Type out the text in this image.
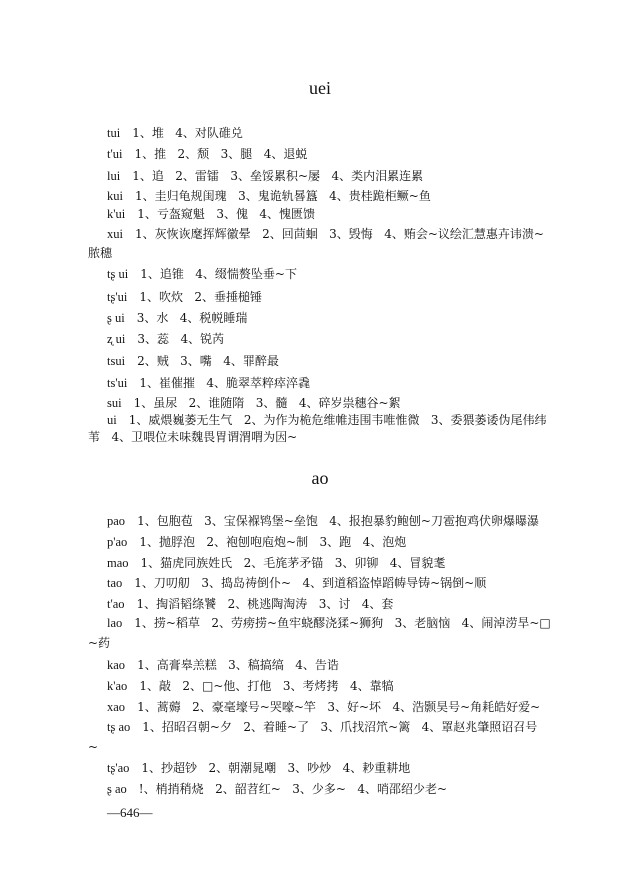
uei
tui 1、堆   4、对队碓兑
t'ui 1、推   2、颓   3、腿   4、退蜕
lui 1、追   2、雷镭   3、垒馁累积~屡   4、类内泪累连累
kui 1、圭归龟规闺瑰   3、鬼诡轨晷簋   4、贵桂跪柜鳜~鱼
k'ui 1、亏盔窥魁   3、傀   4、愧匮馈
xui 1、灰恢诙麾挥辉徽晕   2、回茴蛔   3、毁悔   4、贿会~议绘汇慧惠卉讳溃~
脓穗
tʂ ui 1、追锥   4、缀惴赘坠垂~下
tʂ'ui 1、吹炊   2、垂捶槌锤
ʂ ui 3、水   4、税帨睡瑞
ʐ ui 3、蕊   4、锐芮
tsui 2、贼   3、嘴   4、罪醉最
ts'ui 1、崔催摧   4、脆翠萃粹瘁淬毳
sui 1、虽尿   2、谁随隋   3、髓   4、碎岁祟穗谷~絮
ui 1、威煨巍萎无生气   2、为作为桅危维帷违围韦唯惟微   3、委猥萎诿伪尾伟纬
苇   4、卫喂位未味魏畏胃谓渭喟为因~
ao
pao 1、包胞苞   3、宝保褓鸨堡~垒饱   4、报抱暴豹鲍刨~刀雹抱鸡伏卵爆曝瀑
p'ao 1、抛脬泡   2、袍刨咆庖炮~制   3、跑   4、泡炮
mao 1、猫虎同族姓氏   2、毛旄茅矛锚   3、卯铆   4、冒貌耄
tao 1、刀叨舠   3、捣岛祷倒仆~   4、到道稻盗悼蹈帱导铸~锅倒~顺
t'ao 1、掏滔韬绦饕   2、桃逃陶淘涛   3、讨   4、套
lao 1、捞~稻草   2、劳痨捞~鱼牢蛲醪浇猱~狮狗   3、老脑恼   4、闹淖涝旱~□
~药
kao 1、高膏皋羔糕   3、稿搞缟   4、告诰
k'ao 1、敲   2、□~他、打他   3、考烤拷   4、靠犒
xao 1、蒿薅   2、豪毫壕号~哭嚎~竿   3、好~坏   4、浩颢昊号~角耗皓好爱~
tʂ ao 1、招昭召朝~夕   2、着睡~了   3、爪找沼笊~篱   4、罩赵兆肇照诏召号
~
tʂ'ao 1、抄超钞   2、朝潮晁嘲   3、吵炒   4、耖重耕地
ʂ ao !、梢捎稍烧   2、韶苕红~   3、少多~   4、哨邵绍少老~
—646—
